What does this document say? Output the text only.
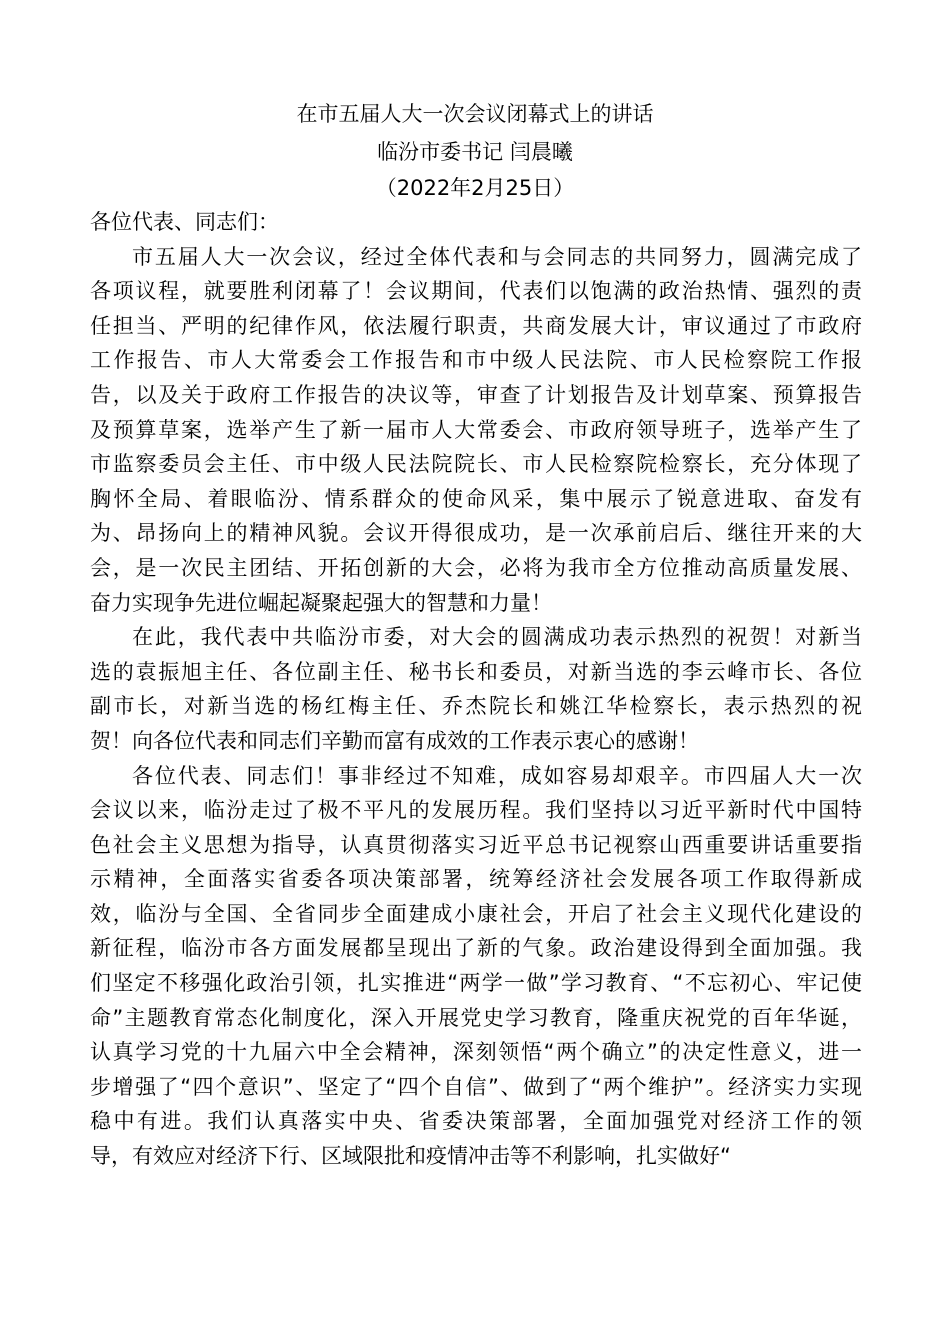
在市五届人大一次会议闭幕式上的讲话
临汾市委书记 闫晨曦
（2022年2月25日）
各位代表、同志们：
市五届人大一次会议，经过全体代表和与会同志的共同努力，圆满完成了
各项议程，就要胜利闭幕了！会议期间，代表们以饱满的政治热情、强烈的责
任担当、严明的纪律作风，依法履行职责，共商发展大计，审议通过了市政府
工作报告、市人大常委会工作报告和市中级人民法院、市人民检察院工作报
告，以及关于政府工作报告的决议等，审查了计划报告及计划草案、预算报告
及预算草案，选举产生了新一届市人大常委会、市政府领导班子，选举产生了
市监察委员会主任、市中级人民法院院长、市人民检察院检察长，充分体现了
胸怀全局、着眼临汾、情系群众的使命风采，集中展示了锐意进取、奋发有
为、昂扬向上的精神风貌。会议开得很成功，是一次承前启后、继往开来的大
会，是一次民主团结、开拓创新的大会，必将为我市全方位推动高质量发展、
奋力实现争先进位崛起凝聚起强大的智慧和力量！
在此，我代表中共临汾市委，对大会的圆满成功表示热烈的祝贺！对新当
选的袁振旭主任、各位副主任、秘书长和委员，对新当选的李云峰市长、各位
副市长，对新当选的杨红梅主任、乔杰院长和姚江华检察长，表示热烈的祝
贺！向各位代表和同志们辛勤而富有成效的工作表示衷心的感谢！
各位代表、同志们！事非经过不知难，成如容易却艰辛。市四届人大一次
会议以来，临汾走过了极不平凡的发展历程。我们坚持以习近平新时代中国特
色社会主义思想为指导，认真贯彻落实习近平总书记视察山西重要讲话重要指
示精神，全面落实省委各项决策部署，统筹经济社会发展各项工作取得新成
效，临汾与全国、全省同步全面建成小康社会，开启了社会主义现代化建设的
新征程，临汾市各方面发展都呈现出了新的气象。政治建设得到全面加强。我
们坚定不移强化政治引领，扎实推进“两学一做”学习教育、“不忘初心、牢记使
命”主题教育常态化制度化，深入开展党史学习教育，隆重庆祝党的百年华诞，
认真学习党的十九届六中全会精神，深刻领悟“两个确立”的决定性意义，进一
步增强了“四个意识”、坚定了“四个自信”、做到了“两个维护”。经济实力实现
稳中有进。我们认真落实中央、省委决策部署，全面加强党对经济工作的领
导，有效应对经济下行、区域限批和疫情冲击等不利影响，扎实做好“
